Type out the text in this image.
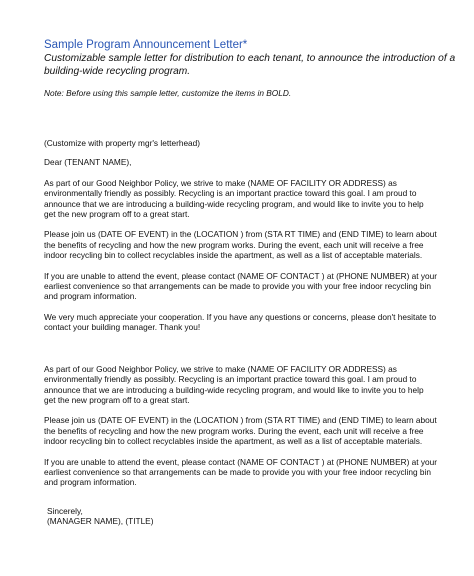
Sample Program Announcement Letter*
Customizable sample letter for distribution to each tenant, to announce the introduction of a
building-wide recycling program.
Note: Before using this sample letter, customize the items in BOLD.
(Customize with property mgr's letterhead)
Dear (TENANT NAME),
As part of our Good Neighbor Policy, we strive to make (NAME OF FACILITY OR ADDRESS) as
environmentally friendly as possibly. Recycling is an important practice toward this goal. I am proud to
announce that we are introducing a building-wide recycling program, and would like to invite you to help
get the new program off to a great start.
Please join us (DATE OF EVENT) in the (LOCATION ) from (STA RT TIME) and (END TIME) to learn about
the benefits of recycling and how the new program works. During the event, each unit will receive a free
indoor recycling bin to collect recyclables inside the apartment, as well as a list of acceptable materials.
If you are unable to attend the event, please contact (NAME OF CONTACT ) at (PHONE NUMBER) at your
earliest convenience so that arrangements can be made to provide you with your free indoor recycling bin
and program information.
We very much appreciate your cooperation. If you have any questions or concerns, please don't hesitate to
contact your building manager. Thank you!
As part of our Good Neighbor Policy, we strive to make (NAME OF FACILITY OR ADDRESS) as
environmentally friendly as possibly. Recycling is an important practice toward this goal. I am proud to
announce that we are introducing a building-wide recycling program, and would like to invite you to help
get the new program off to a great start.
Please join us (DATE OF EVENT) in the (LOCATION ) from (STA RT TIME) and (END TIME) to learn about
the benefits of recycling and how the new program works. During the event, each unit will receive a free
indoor recycling bin to collect recyclables inside the apartment, as well as a list of acceptable materials.
If you are unable to attend the event, please contact (NAME OF CONTACT ) at (PHONE NUMBER) at your
earliest convenience so that arrangements can be made to provide you with your free indoor recycling bin
and program information.
Sincerely,
(MANAGER NAME), (TITLE)
